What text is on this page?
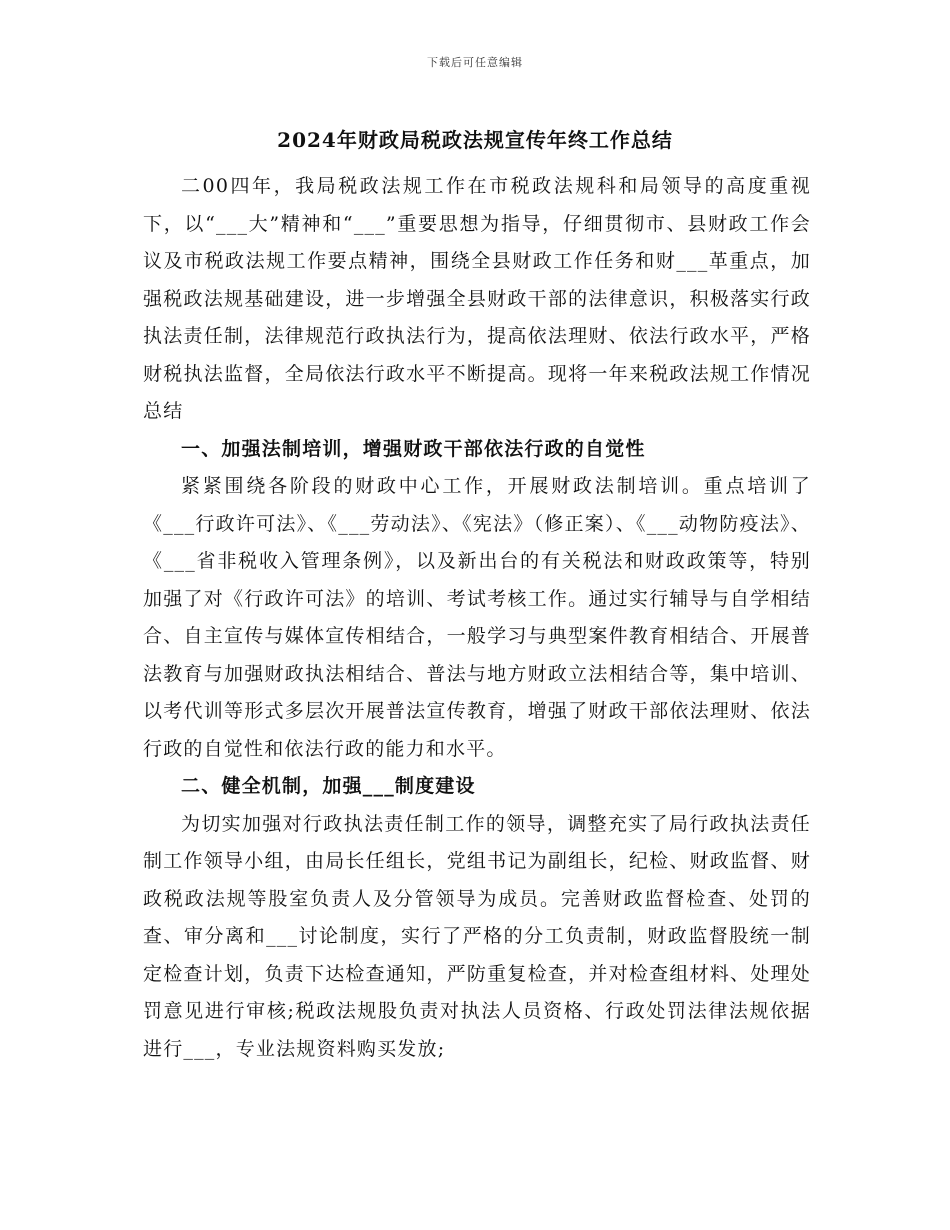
下载后可任意编辑
2024年财政局税政法规宣传年终工作总结

二00四年，我局税政法规工作在市税政法规科和局领导的高度重视下，以“___大”精神和“___”重要思想为指导，仔细贯彻市、县财政工作会议及市税政法规工作要点精神，围绕全县财政工作任务和财___革重点，加强税政法规基础建设，进一步增强全县财政干部的法律意识，积极落实行政执法责任制，法律规范行政执法行为，提高依法理财、依法行政水平，严格财税执法监督，全局依法行政水平不断提高。现将一年来税政法规工作情况总结

一、加强法制培训，增强财政干部依法行政的自觉性

紧紧围绕各阶段的财政中心工作，开展财政法制培训。重点培训了《___行政许可法》、《___劳动法》、《宪法》（修正案）、《___动物防疫法》、《___省非税收入管理条例》，以及新出台的有关税法和财政政策等，特别加强了对《行政许可法》的培训、考试考核工作。通过实行辅导与自学相结合、自主宣传与媒体宣传相结合，一般学习与典型案件教育相结合、开展普法教育与加强财政执法相结合、普法与地方财政立法相结合等，集中培训、以考代训等形式多层次开展普法宣传教育，增强了财政干部依法理财、依法行政的自觉性和依法行政的能力和水平。

二、健全机制，加强___制度建设

为切实加强对行政执法责任制工作的领导，调整充实了局行政执法责任制工作领导小组，由局长任组长，党组书记为副组长，纪检、财政监督、财政税政法规等股室负责人及分管领导为成员。完善财政监督检查、处罚的查、审分离和___讨论制度，实行了严格的分工负责制，财政监督股统一制定检查计划，负责下达检查通知，严防重复检查，并对检查组材料、处理处罚意见进行审核;税政法规股负责对执法人员资格、行政处罚法律法规依据进行___，专业法规资料购买发放;
